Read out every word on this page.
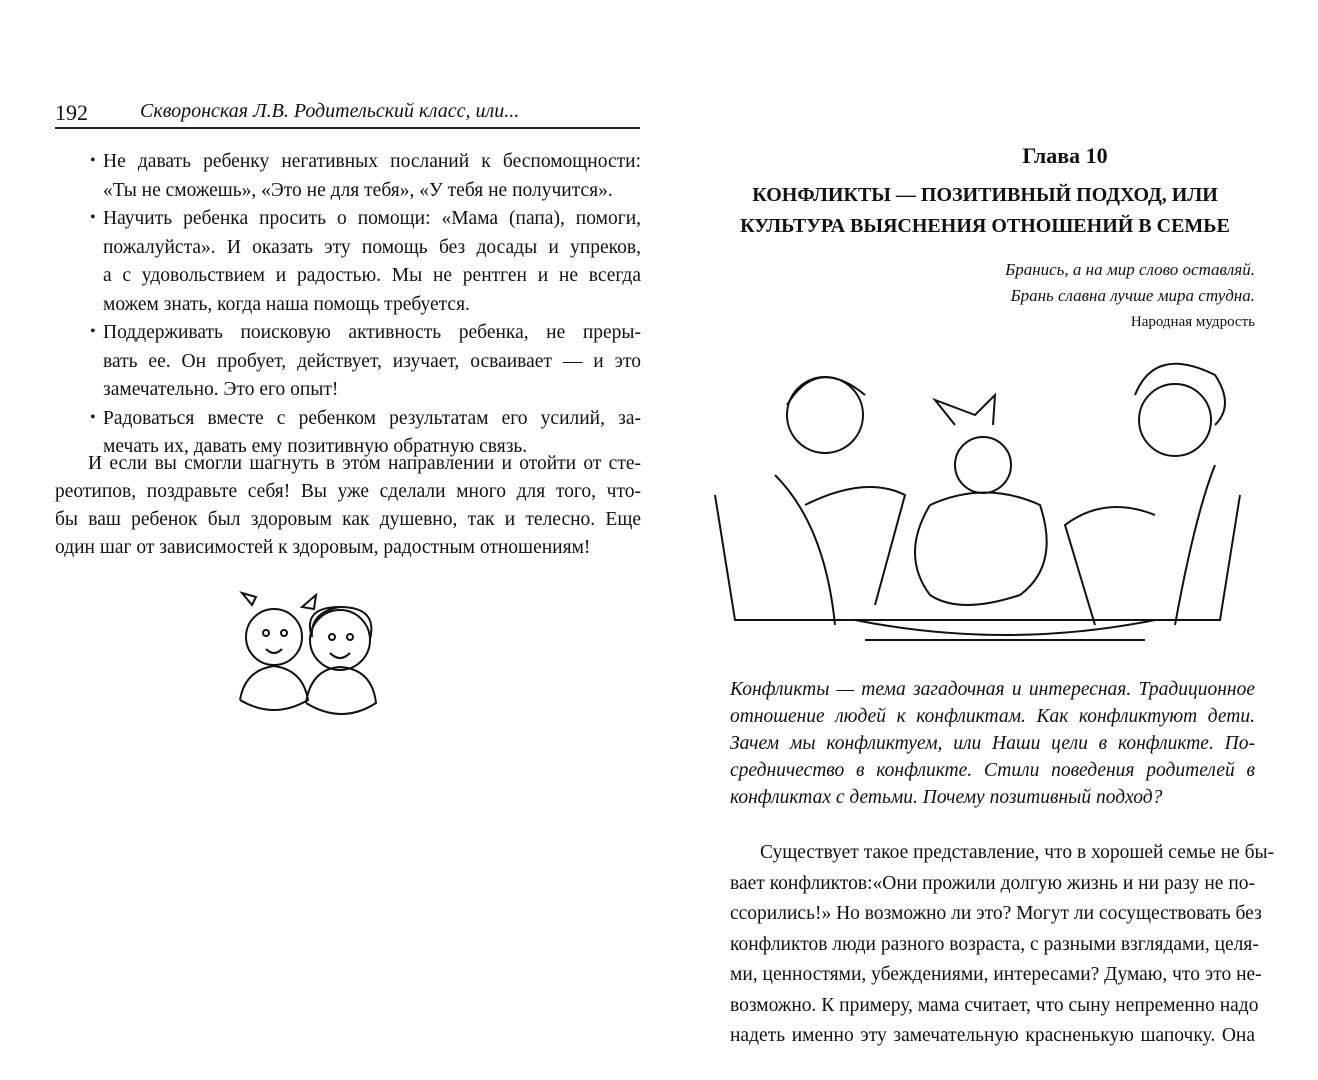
192	Скворонская Л.В. Родительский класс, или...
• Не давать ребенку негативных посланий к беспомощности:
«Ты не сможешь», «Это не для тебя», «У тебя не получится».
• Научить ребенка просить о помощи: «Мама (папа), помоги,
пожалуйста». И оказать эту помощь без досады и упреков,
а с удовольствием и радостью. Мы не рентген и не всегда
можем знать, когда наша помощь требуется.
• Поддерживать поисковую активность ребенка, не преры-
вать ее. Он пробует, действует, изучает, осваивает — и это
замечательно. Это его опыт!
• Радоваться вместе с ребенком результатам его усилий, за-
мечать их, давать ему позитивную обратную связь.
И если вы смогли шагнуть в этом направлении и отойти от сте-
реотипов, поздравьте себя! Вы уже сделали много для того, что-
бы ваш ребенок был здоровым как душевно, так и телесно. Еще
один шаг от зависимостей к здоровым, радостным отношениям!
Глава 10
КОНФЛИКТЫ — ПОЗИТИВНЫЙ ПОДХОД, ИЛИ
КУЛЬТУРА ВЫЯСНЕНИЯ ОТНОШЕНИЙ В СЕМЬЕ
Бранись, а на мир слово оставляй.
Брань славна лучше мира студна.
Народная мудрость
Конфликты — тема загадочная и интересная. Традиционное
отношение людей к конфликтам. Как конфликтуют дети.
Зачем мы конфликтуем, или Наши цели в конфликте. По-
средничество в конфликте. Стили поведения родителей в
конфликтах с детьми. Почему позитивный подход?
Существует такое представление, что в хорошей семье не бы-
вает конфликтов:«Они прожили долгую жизнь и ни разу не по-
ссорились!» Но возможно ли это? Могут ли сосуществовать без
конфликтов люди разного возраста, с разными взглядами, целя-
ми, ценностями, убеждениями, интересами? Думаю, что это не-
возможно. К примеру, мама считает, что сыну непременно надо
надеть именно эту замечательную красненькую шапочку. Она
